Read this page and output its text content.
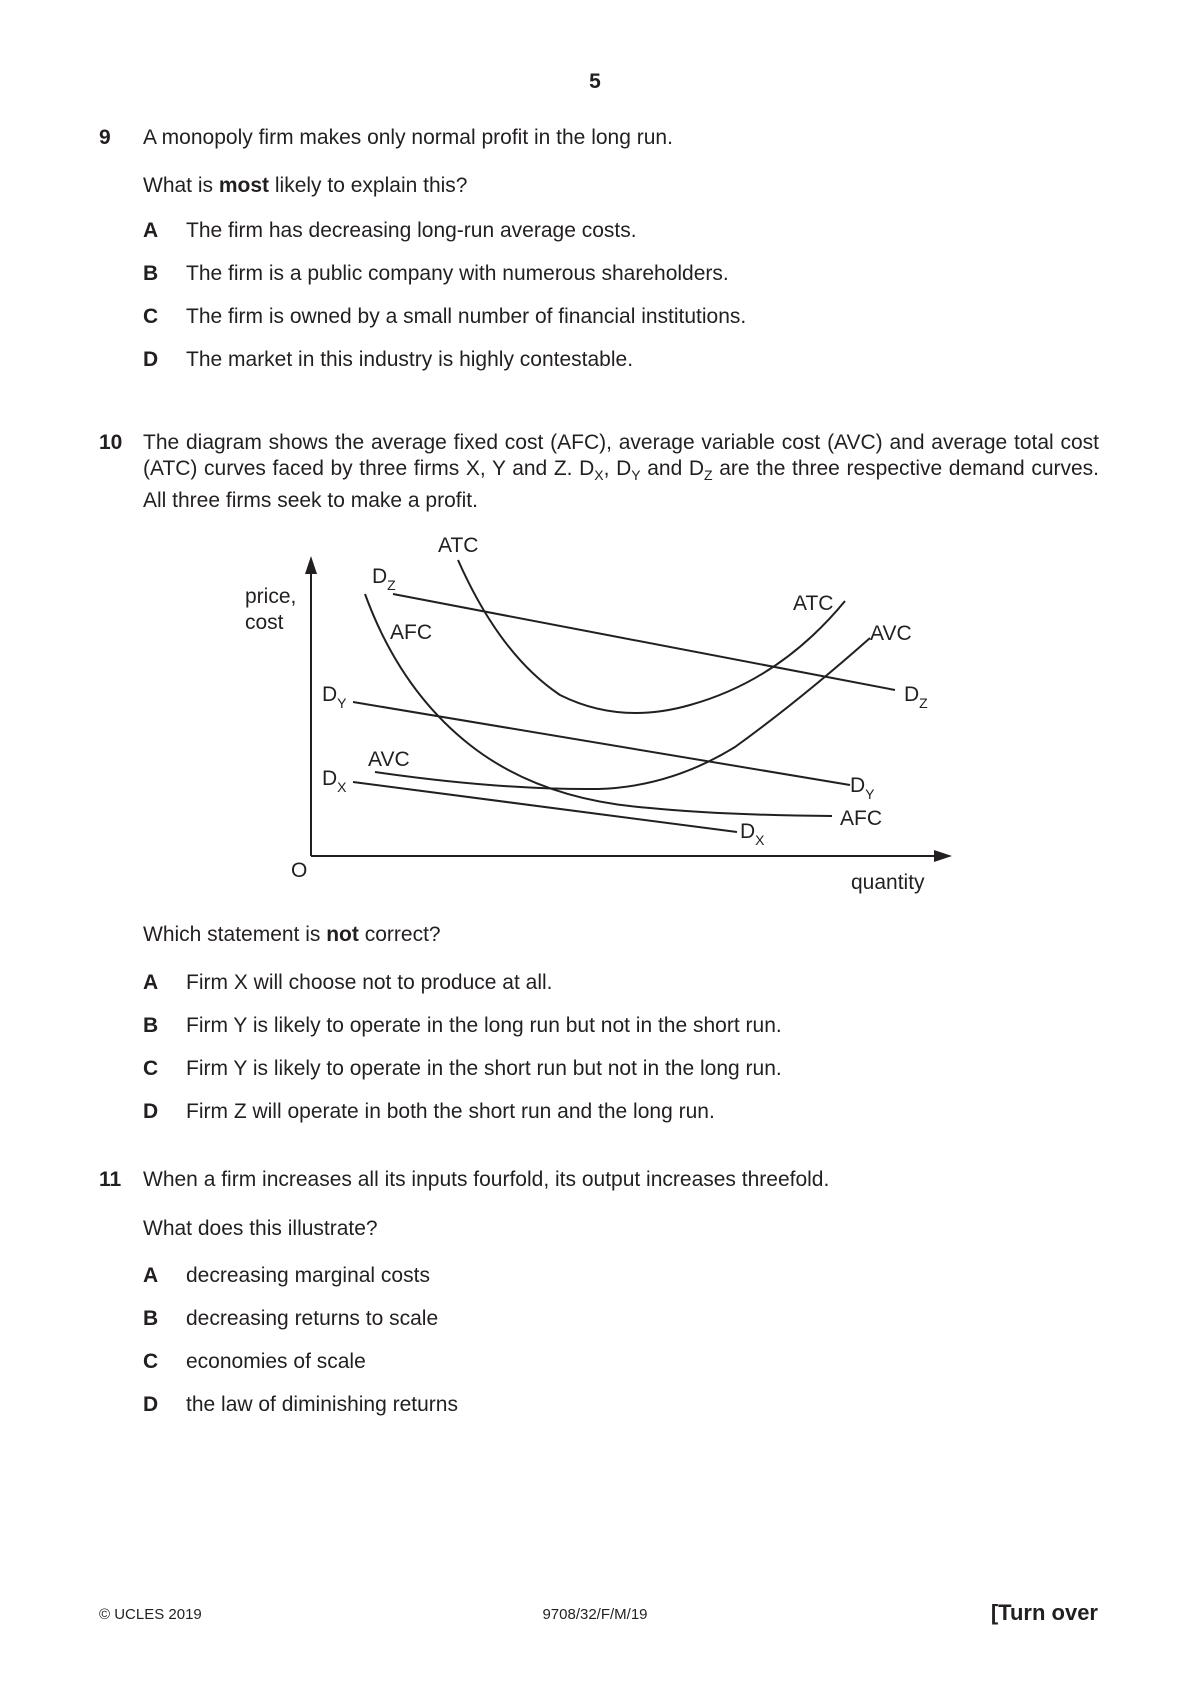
5
9 A monopoly firm makes only normal profit in the long run.
What is most likely to explain this?
A The firm has decreasing long-run average costs.
B The firm is a public company with numerous shareholders.
C The firm is owned by a small number of financial institutions.
D The market in this industry is highly contestable.
10 The diagram shows the average fixed cost (AFC), average variable cost (AVC) and average total cost (ATC) curves faced by three firms X, Y and Z. $D_X$, $D_Y$ and $D_Z$ are the three respective demand curves. All three firms seek to make a profit.
price,
cost
O
quantity
ATC
ATC
AFC
AFC
AVC
AVC
$D_Z$
$D_Z$
$D_Y$
$D_Y$
$D_X$
$D_X$
Which statement is not correct?
A Firm X will choose not to produce at all.
B Firm Y is likely to operate in the long run but not in the short run.
C Firm Y is likely to operate in the short run but not in the long run.
D Firm Z will operate in both the short run and the long run.
11 When a firm increases all its inputs fourfold, its output increases threefold.
What does this illustrate?
A decreasing marginal costs
B decreasing returns to scale
C economies of scale
D the law of diminishing returns
© UCLES 2019	9708/32/F/M/19	[Turn over
